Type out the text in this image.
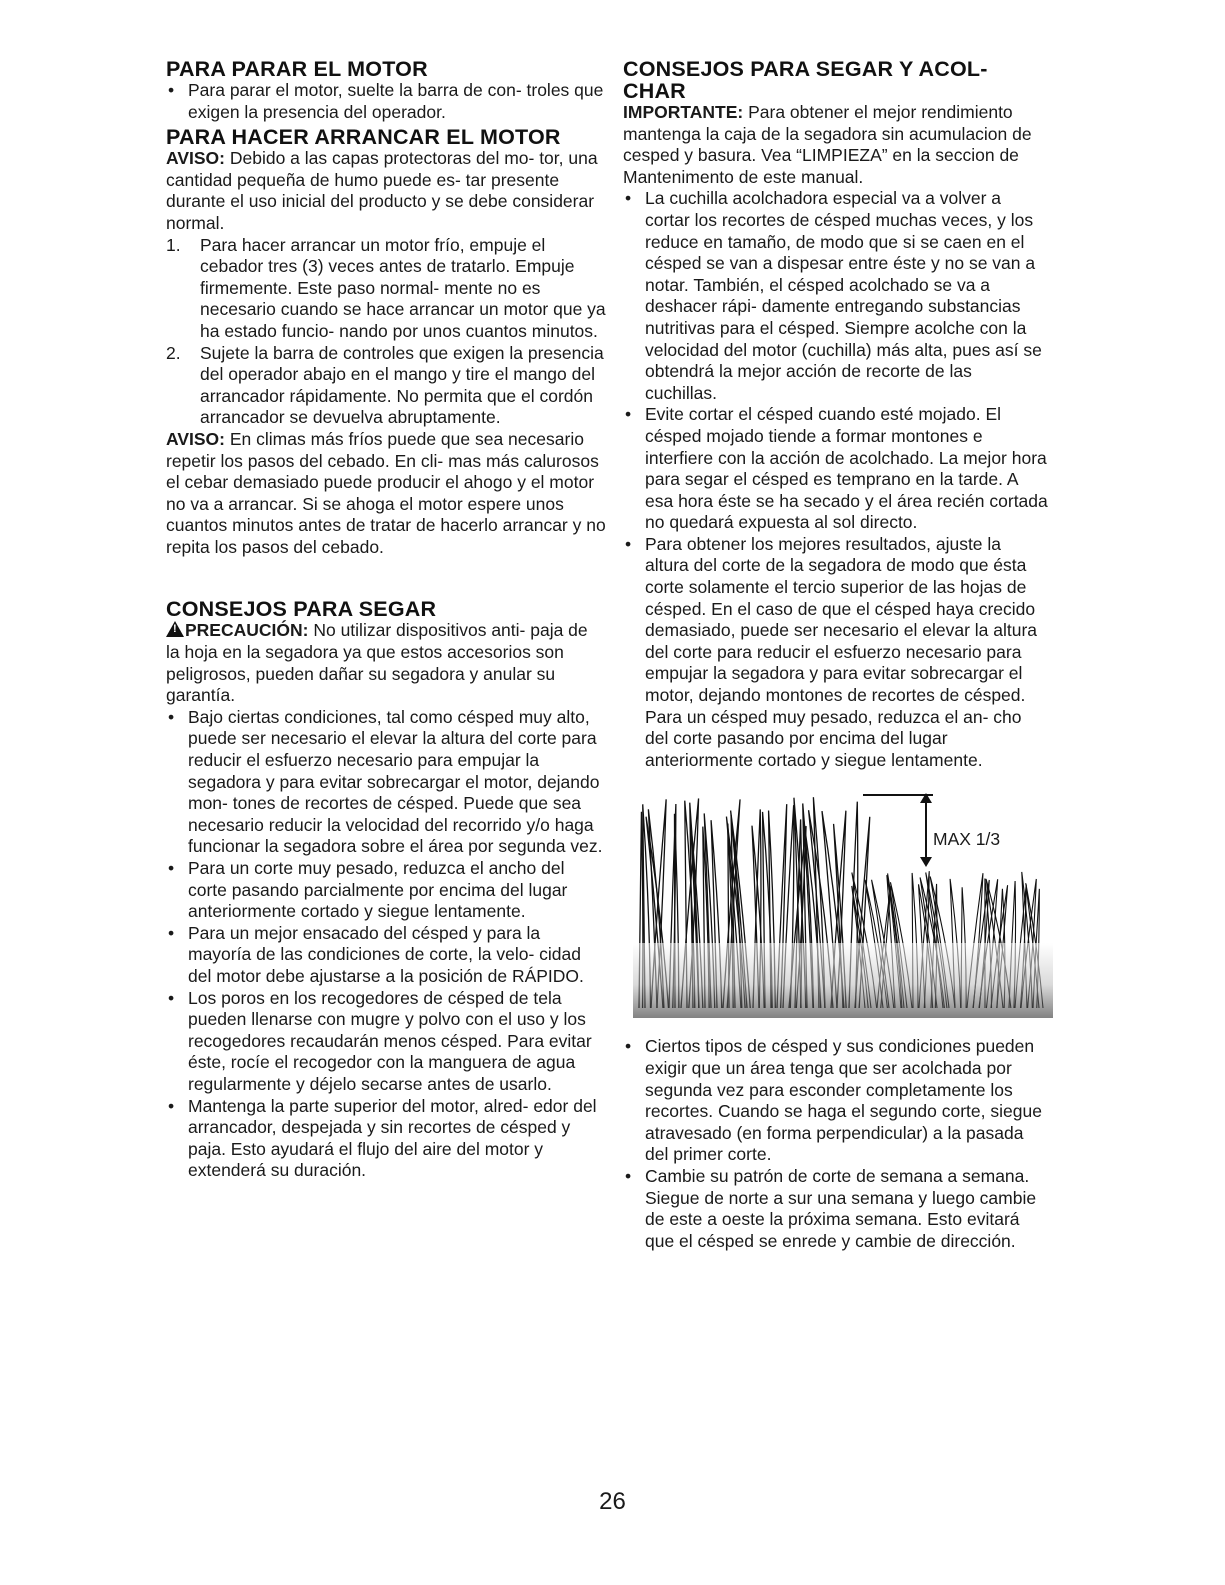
PARA PARAR EL MOTOR
• Para parar el motor, suelte la barra de con- troles que exigen la presencia del operador.
PARA HACER ARRANCAR EL MOTOR

AVISO: Debido a las capas protectoras del mo- tor, una cantidad pequeña de humo puede es- tar presente durante el uso inicial del producto y se debe considerar normal.

1. Para hacer arrancar un motor frío, empuje el cebador tres (3) veces antes de tratarlo. Empuje firmemente. Este paso normal- mente no es necesario cuando se hace arrancar un motor que ya ha estado funcio- nando por unos cuantos minutos.
2. Sujete la barra de controles que exigen la presencia del operador abajo en el mango y tire el mango del arrancador rápidamente. No permita que el cordón arrancador se devuelva abruptamente.

AVISO: En climas más fríos puede que sea necesario repetir los pasos del cebado. En cli- mas más calurosos el cebar demasiado puede producir el ahogo y el motor no va a arrancar. Si se ahoga el motor espere unos cuantos minutos antes de tratar de hacerlo arrancar y no repita los pasos del cebado.

CONSEJOS PARA SEGAR

!PRECAUCIÓN: No utilizar dispositivos anti- paja de la hoja en la segadora ya que estos accesorios son peligrosos, pueden dañar su segadora y anular su garantía.

• Bajo ciertas condiciones, tal como césped muy alto, puede ser necesario el elevar la altura del corte para reducir el esfuerzo necesario para empujar la segadora y para evitar sobrecargar el motor, dejando mon- tones de recortes de césped. Puede que sea necesario reducir la velocidad del recorrido y/o haga funcionar la segadora sobre el área por segunda vez.
• Para un corte muy pesado, reduzca el ancho del corte pasando parcialmente por encima del lugar anteriormente cortado y siegue lentamente.
• Para un mejor ensacado del césped y para la mayoría de las condiciones de corte, la velo- cidad del motor debe ajustarse a la posición de RÁPIDO.
• Los poros en los recogedores de césped de tela pueden llenarse con mugre y polvo con el uso y los recogedores recaudarán menos césped. Para evitar éste, rocíe el recogedor con la manguera de agua regularmente y déjelo secarse antes de usarlo.
• Mantenga la parte superior del motor, alred- edor del arrancador, despejada y sin recortes de césped y paja. Esto ayudará el flujo del aire del motor y extenderá su duración.
CONSEJOS PARA SEGAR Y ACOL- CHAR

IMPORTANTE: Para obtener el mejor rendimiento mantenga la caja de la segadora sin acumulacion de cesped y basura. Vea “LIMPIEZA” en la seccion de Mantenimento de este manual.

• La cuchilla acolchadora especial va a volver a cortar los recortes de césped muchas veces, y los reduce en tamaño, de modo que si se caen en el césped se van a dispesar entre éste y no se van a notar. También, el césped acolchado se va a deshacer rápi- damente entregando substancias nutritivas para el césped. Siempre acolche con la velocidad del motor (cuchilla) más alta, pues así se obtendrá la mejor acción de recorte de las cuchillas.
• Evite cortar el césped cuando esté mojado. El césped mojado tiende a formar montones e interfiere con la acción de acolchado. La mejor hora para segar el césped es temprano en la tarde. A esa hora éste se ha secado y el área recién cortada no quedará expuesta al sol directo.
• Para obtener los mejores resultados, ajuste la altura del corte de la segadora de modo que ésta corte solamente el tercio superior de las hojas de césped. En el caso de que el césped haya crecido demasiado, puede ser necesario el elevar la altura del corte para reducir el esfuerzo necesario para empujar la segadora y para evitar sobrecargar el motor, dejando montones de recortes de césped. Para un césped muy pesado, reduzca el an- cho del corte pasando por encima del lugar anteriormente cortado y siegue lentamente.
MAX 1/3
• Ciertos tipos de césped y sus condiciones pueden exigir que un área tenga que ser acolchada por segunda vez para esconder completamente los recortes. Cuando se haga el segundo corte, siegue atravesado (en forma perpendicular) a la pasada del primer corte.
• Cambie su patrón de corte de semana a semana. Siegue de norte a sur una semana y luego cambie de este a oeste la próxima semana. Esto evitará que el césped se enrede y cambie de dirección.
26
